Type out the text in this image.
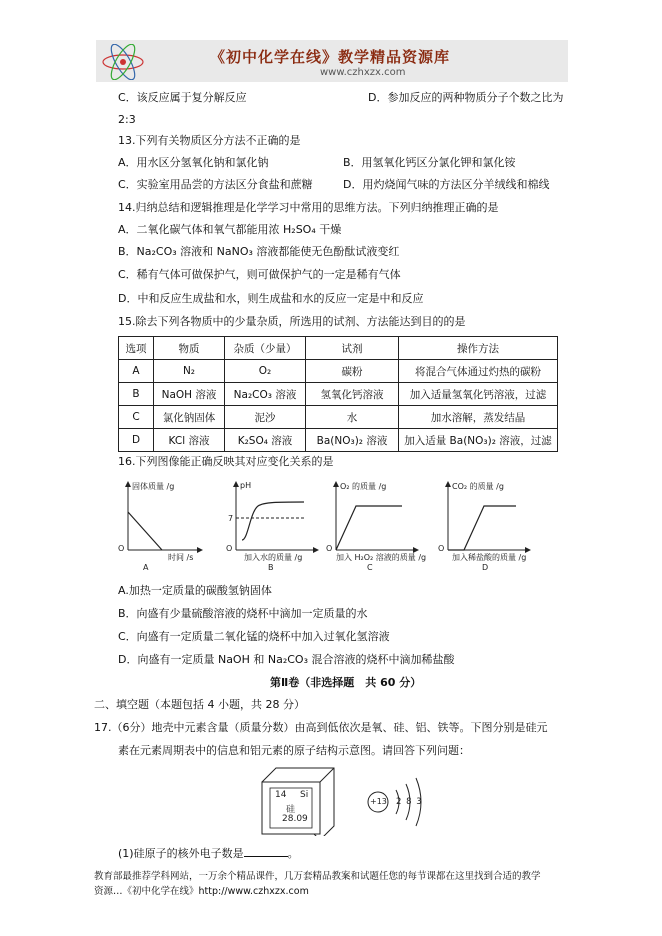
《初中化学在线》教学精品资源库
www.czhxzx.com
C．该反应属于复分解反应	D．参加反应的两种物质分子个数之比为
2:3
13.下列有关物质区分方法不正确的是
A．用水区分氢氧化钠和氯化钠	B．用氢氧化钙区分氯化钾和氯化铵
C．实验室用品尝的方法区分食盐和蔗糖	D．用灼烧闻气味的方法区分羊绒线和棉线
14.归纳总结和逻辑推理是化学学习中常用的思维方法。下列归纳推理正确的是
A．二氧化碳气体和氧气都能用浓 H₂SO₄ 干燥
B．Na₂CO₃ 溶液和 NaNO₃ 溶液都能使无色酚酞试液变红
C．稀有气体可做保护气，则可做保护气的一定是稀有气体
D．中和反应生成盐和水，则生成盐和水的反应一定是中和反应
15.除去下列各物质中的少量杂质，所选用的试剂、方法能达到目的的是
选项	物质	杂质（少量）	试剂	操作方法
A	N₂	O₂	碳粉	将混合气体通过灼热的碳粉
B	NaOH 溶液	Na₂CO₃ 溶液	氢氧化钙溶液	加入适量氢氧化钙溶液，过滤
C	氯化钠固体	泥沙	水	加水溶解，蒸发结晶
D	KCl 溶液	K₂SO₄ 溶液	Ba(NO₃)₂ 溶液	加入适量 Ba(NO₃)₂ 溶液，过滤
16.下列图像能正确反映其对应变化关系的是
固体质量 /g
O
时间 /s
A
pH
7
O
加入水的质量 /g
B
O₂ 的质量 /g
O
加入 H₂O₂ 溶液的质量 /g
C
CO₂ 的质量 /g
O
加入稀盐酸的质量 /g
D
A.加热一定质量的碳酸氢钠固体
B．向盛有少量硫酸溶液的烧杯中滴加一定质量的水
C．向盛有一定质量二氧化锰的烧杯中加入过氧化氢溶液
D．向盛有一定质量 NaOH 和 Na₂CO₃ 混合溶液的烧杯中滴加稀盐酸
第Ⅱ卷（非选择题　共 60 分）
二、填空题（本题包括 4 小题，共 28 分）
17.（6分）地壳中元素含量（质量分数）由高到低依次是氧、硅、铝、铁等。下图分别是硅元
素在元素周期表中的信息和铝元素的原子结构示意图。请回答下列问题：
14 Si
硅
28.09
+13 2 8 3
(1)硅原子的核外电子数是	。
教育部最推荐学科网站，一万余个精品课件，几万套精品教案和试题任您的每节课都在这里找到合适的教学
资源…《初中化学在线》http://www.czhxzx.com
